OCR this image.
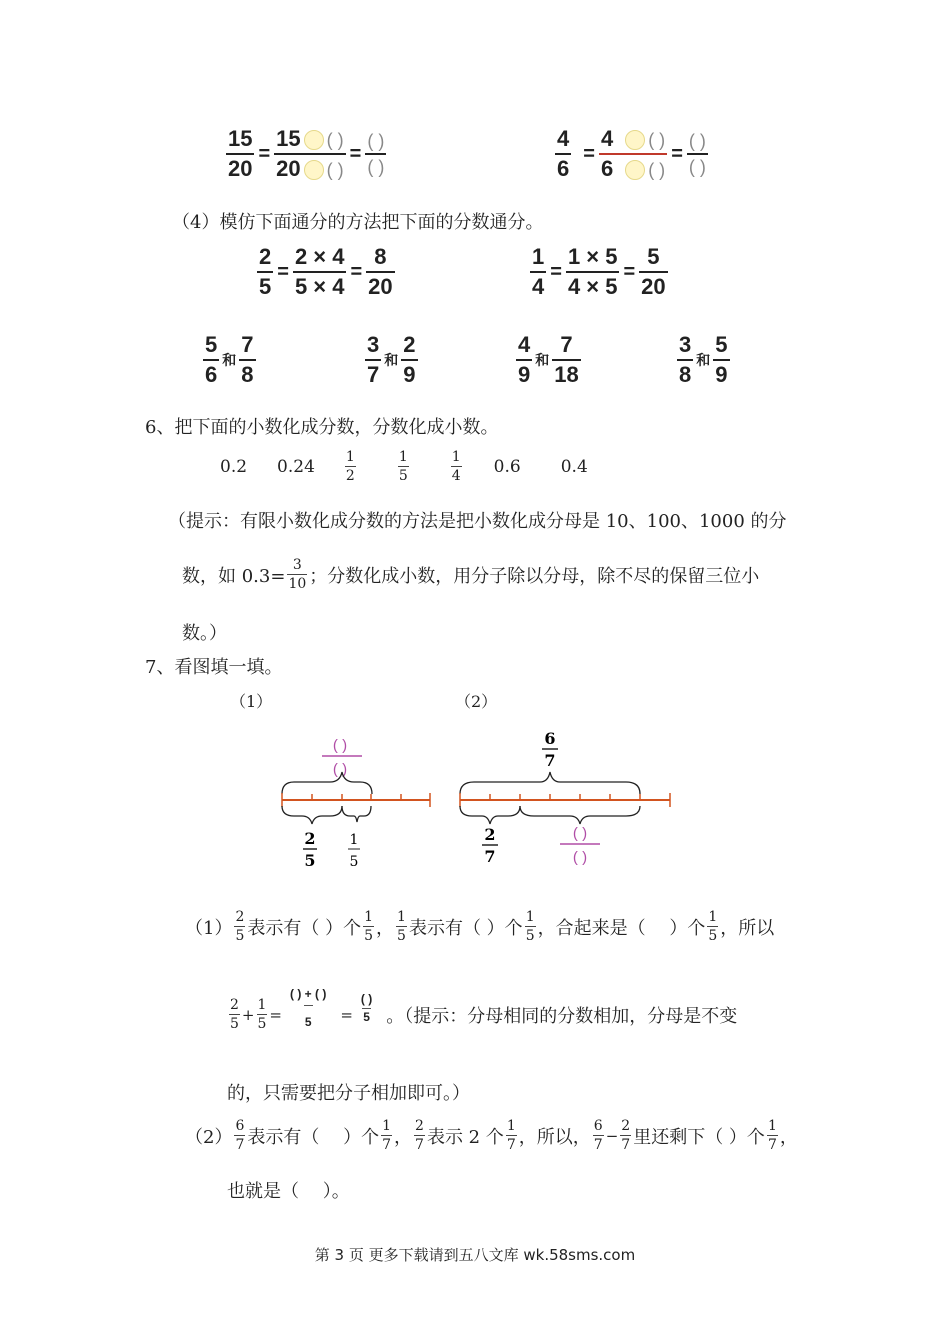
$\frac{15}{20} = \frac{15 ( )}{20 ( )}$ =
( )
( )	$\frac{4}{6} = \frac{4 ( )}{6 ( )}$ =
( )
( )
（4）模仿下面通分的方法把下面的分数通分。
$\frac{2}{5} = \frac{2 \times 4}{5 \times 4} = \frac{8}{20}$	$\frac{1}{4} = \frac{1 \times 5}{4 \times 5} = \frac{5}{20}$
5
6
和
7
8
3
7
和
2
9
4
9
和
7
18
3
8
和
5
9
6、把下面的小数化成分数，分数化成小数。
0.2 0.24 1
2
1
5
1
4 0.6 0.4
（提示：有限小数化成分数的方法是把小数化成分母是 10、100、1000 的分
数，如 $0.3= \frac{3}{10}$ ；分数化成小数，用分子除以分母，除不尽的保留三位小
数。）
7、看图填一填。
（1）	（2）
( )
( )
2
5
1
5
6
7
2
7
( )
( )
（1）
2
5 表示有（ ）个
1
5 ，
1
5 表示有（ ）个
1
5 ，合起来是（　 ）个
1
5 ，所以
2
5
+ $\frac{1}{5}$ =
( ) + ( )
5 =
( )
5 。（提示：分母相同的分数相加，分母是不变
的，只需要把分子相加即可。）
（2）
6
7 表示有（　 ）个
1
7 ，
2
7 表示 2 个
1
7 ，所以，
6
7
− $\frac{2}{7}$ 里还剩下（ ）个
1
7 ，
也就是（　 ）。
第 3 页 更多下载请到五八文库 wk.58sms.com
